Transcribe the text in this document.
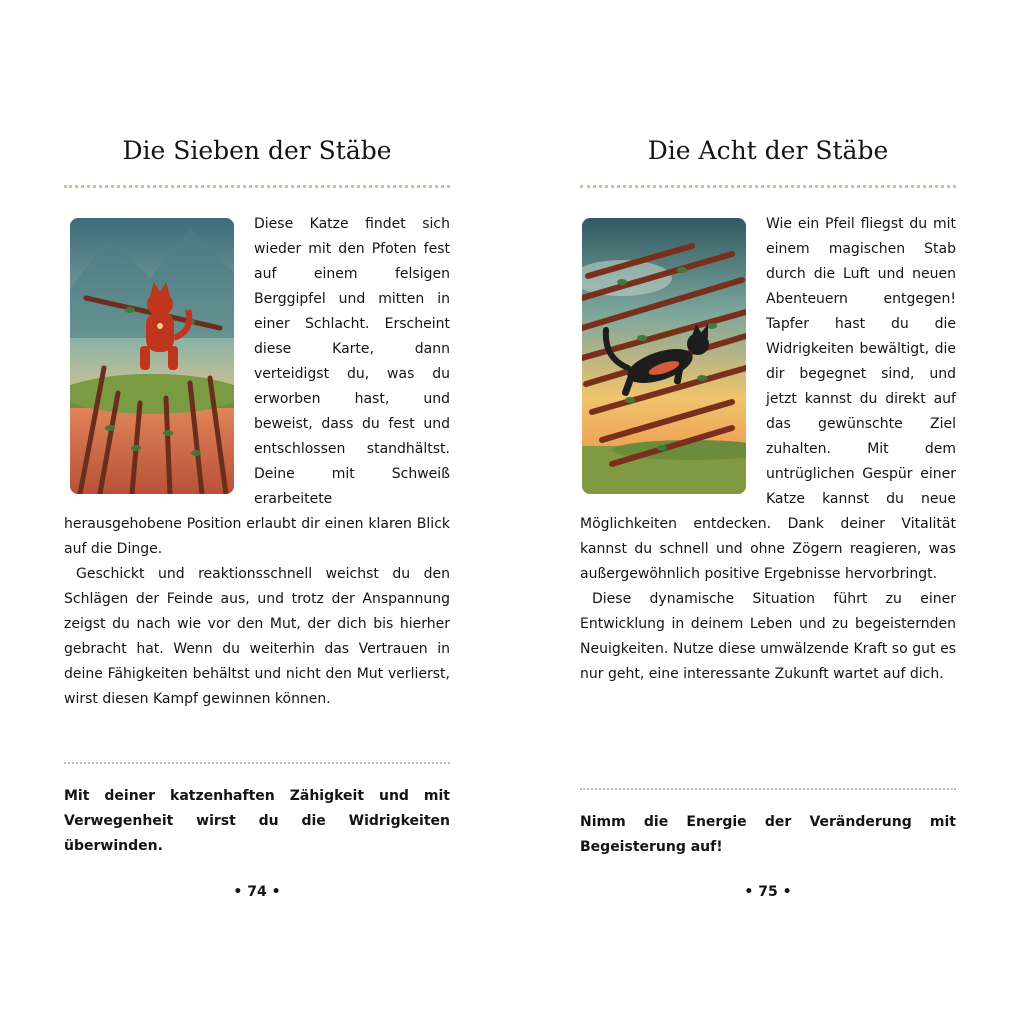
Die Sieben der Stäbe

Diese Katze findet sich wieder mit den Pfoten fest auf einem felsigen Berggipfel und mitten in einer Schlacht. Erscheint diese Karte, dann verteidigst du, was du erworben hast, und beweist, dass du fest und entschlossen standhältst. Deine mit Schweiß erarbeitete herausgehobene Position erlaubt dir einen klaren Blick auf die Dinge.

Geschickt und reaktionsschnell weichst du den Schlägen der Feinde aus, und trotz der Anspannung zeigst du nach wie vor den Mut, der dich bis hierher gebracht hat. Wenn du weiterhin das Vertrauen in deine Fähigkeiten behältst und nicht den Mut verlierst, wirst diesen Kampf gewinnen können.

Mit deiner katzenhaften Zähigkeit und mit Verwegenheit wirst du die Widrigkeiten überwinden.

• 74 •
Die Acht der Stäbe

Wie ein Pfeil fliegst du mit einem magischen Stab durch die Luft und neuen Abenteuern entgegen! Tapfer hast du die Widrigkeiten bewältigt, die dir begegnet sind, und jetzt kannst du direkt auf das gewünschte Ziel zuhalten. Mit dem untrüglichen Gespür einer Katze kannst du neue Möglichkeiten entdecken. Dank deiner Vitalität kannst du schnell und ohne Zögern reagieren, was außergewöhnlich positive Ergebnisse hervorbringt.

Diese dynamische Situation führt zu einer Entwicklung in deinem Leben und zu begeisternden Neuigkeiten. Nutze diese umwälzende Kraft so gut es nur geht, eine interessante Zukunft wartet auf dich.

Nimm die Energie der Veränderung mit Begeisterung auf!

• 75 •
